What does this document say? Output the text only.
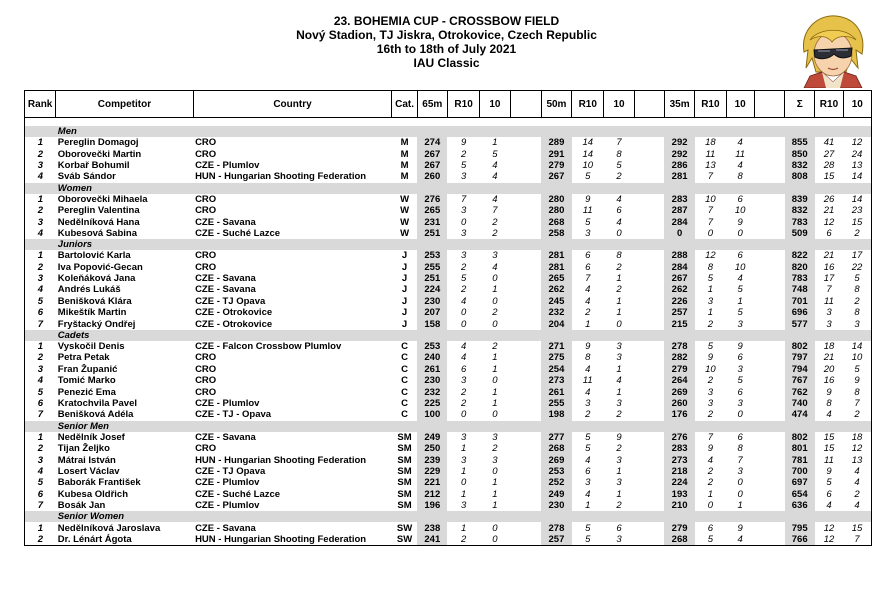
23. BOHEMIA CUP - CROSSBOW FIELD
Nový Stadion, TJ Jiskra, Otrokovice, Czech Republic
16th to 18th of July 2021
IAU Classic
Rank	Competitor	Country	Cat.	65m	R10	10		50m	R10	10		35m	R10	10		Σ	R10	10

	Men																	
1	Pereglin Domagoj	CRO	M	274	9	1		289	14	7		292	18	4		855	41	12
2	Oborovečki Martin	CRO	M	267	2	5		291	14	8		292	11	11		850	27	24
3	Korbař Bohumil	CZE - Plumlov	M	267	5	4		279	10	5		286	13	4		832	28	13
4	Sváb Sándor	HUN - Hungarian Shooting Federation	M	260	3	4		267	5	2		281	7	8		808	15	14
	Women																	
1	Oborovečki Mihaela	CRO	W	276	7	4		280	9	4		283	10	6		839	26	14
2	Pereglin Valentina	CRO	W	265	3	7		280	11	6		287	7	10		832	21	23
3	Nedělníková Hana	CZE - Savana	W	231	0	2		268	5	4		284	7	9		783	12	15
4	Kubesová Sabina	CZE - Suché Lazce	W	251	3	2		258	3	0		0	0	0		509	6	2
	Juniors																	
1	Bartolović Karla	CRO	J	253	3	3		281	6	8		288	12	6		822	21	17
2	Iva Popović-Gecan	CRO	J	255	2	4		281	6	2		284	8	10		820	16	22
3	Koleňáková Jana	CZE - Savana	J	251	5	0		265	7	1		267	5	4		783	17	5
4	Andrés Lukáš	CZE - Savana	J	224	2	1		262	4	2		262	1	5		748	7	8
5	Benišková Klára	CZE - TJ Opava	J	230	4	0		245	4	1		226	3	1		701	11	2
6	Mikeštík Martin	CZE - Otrokovice	J	207	0	2		232	2	1		257	1	5		696	3	8
7	Fryštacký Ondřej	CZE - Otrokovice	J	158	0	0		204	1	0		215	2	3		577	3	3
	Cadets																	
1	Vyskočil Denis	CZE - Falcon Crossbow Plumlov	C	253	4	2		271	9	3		278	5	9		802	18	14
2	Petra Petak	CRO	C	240	4	1		275	8	3		282	9	6		797	21	10
3	Fran Županić	CRO	C	261	6	1		254	4	1		279	10	3		794	20	5
4	Tomić Marko	CRO	C	230	3	0		273	11	4		264	2	5		767	16	9
5	Penezić Ema	CRO	C	232	2	1		261	4	1		269	3	6		762	9	8
6	Kratochvila Pavel	CZE - Plumlov	C	225	2	1		255	3	3		260	3	3		740	8	7
7	Benišková Adéla	CZE - TJ - Opava	C	100	0	0		198	2	2		176	2	0		474	4	2
	Senior Men																	
1	Nedělník Josef	CZE - Savana	SM	249	3	3		277	5	9		276	7	6		802	15	18
2	Tijan Željko	CRO	SM	250	1	2		268	5	2		283	9	8		801	15	12
3	Mátrai István	HUN - Hungarian Shooting Federation	SM	239	3	3		269	4	3		273	4	7		781	11	13
4	Losert Václav	CZE - TJ Opava	SM	229	1	0		253	6	1		218	2	3		700	9	4
5	Baborák František	CZE - Plumlov	SM	221	0	1		252	3	3		224	2	0		697	5	4
6	Kubesa Oldřich	CZE - Suché Lazce	SM	212	1	1		249	4	1		193	1	0		654	6	2
7	Bosák Jan	CZE - Plumlov	SM	196	3	1		230	1	2		210	0	1		636	4	4
	Senior Women																	
1	Nedělníková Jaroslava	CZE - Savana	SW	238	1	0		278	5	6		279	6	9		795	12	15
2	Dr. Lénárt Ágota	HUN - Hungarian Shooting Federation	SW	241	2	0		257	5	3		268	5	4		766	12	7
